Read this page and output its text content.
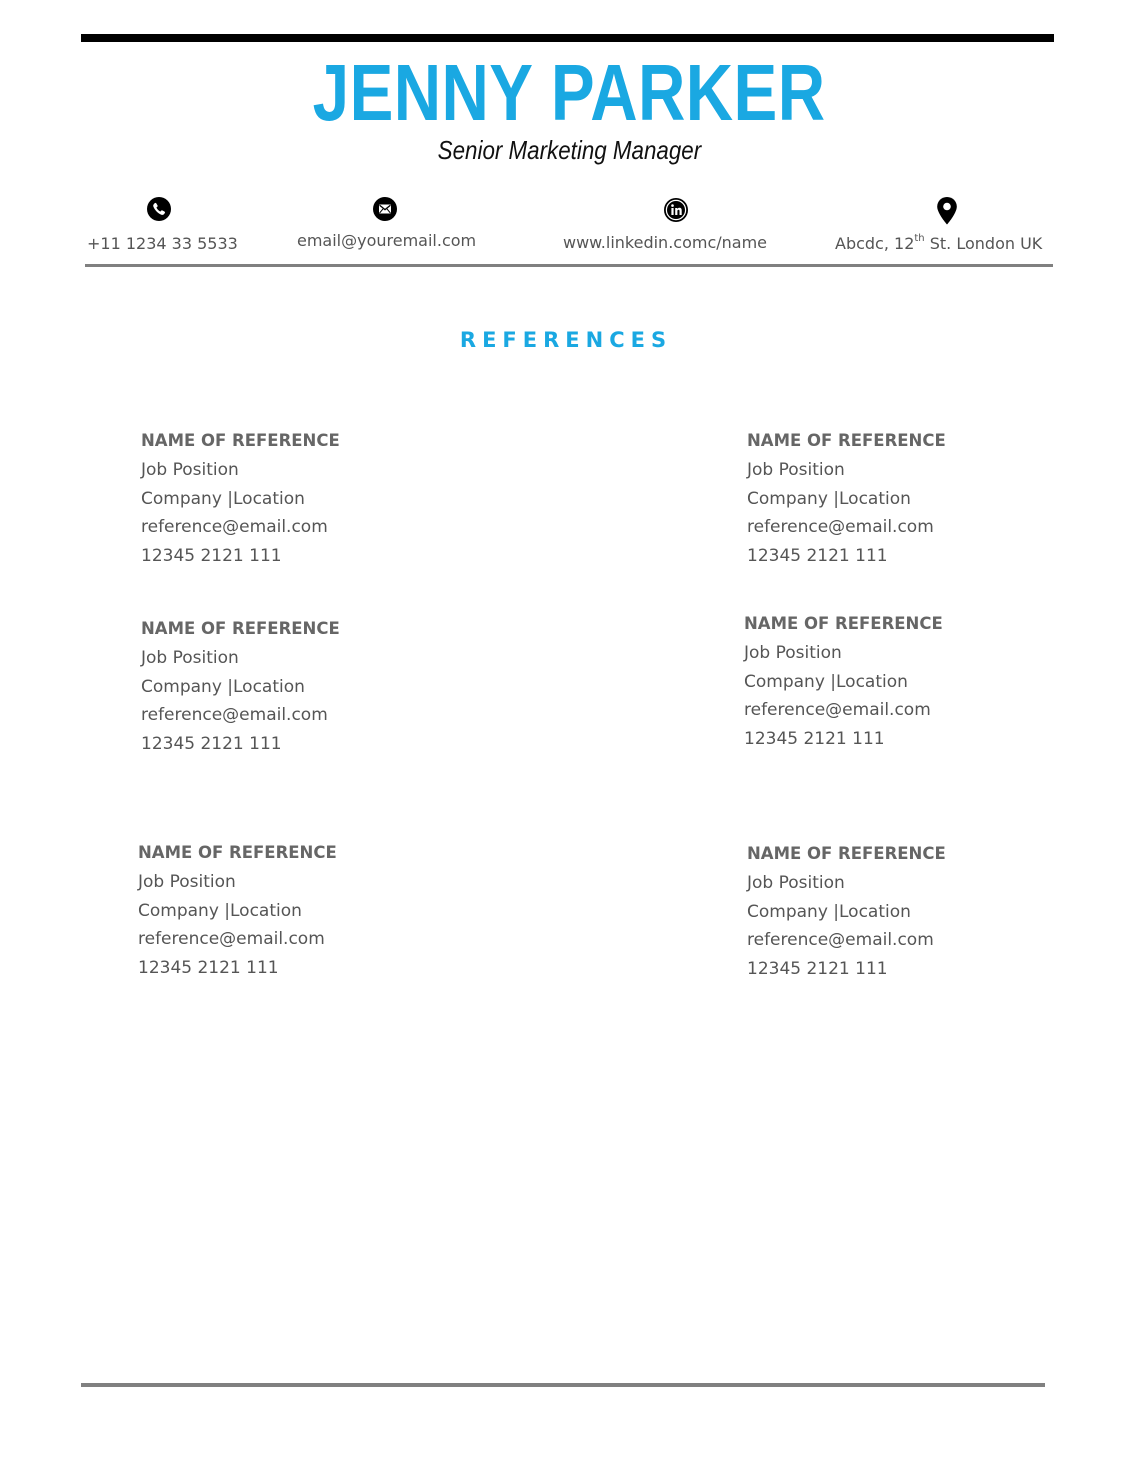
JENNY PARKER
Senior Marketing Manager
+11 1234 33 5533	email@youremail.com	www.linkedin.comc/name	Abcdc, 12th St. London UK
REFERENCES
NAME OF REFERENCE
Job Position
Company |Location
reference@email.com
12345 2121 111
NAME OF REFERENCE
Job Position
Company |Location
reference@email.com
12345 2121 111
NAME OF REFERENCE
Job Position
Company |Location
reference@email.com
12345 2121 111
NAME OF REFERENCE
Job Position
Company |Location
reference@email.com
12345 2121 111
NAME OF REFERENCE
Job Position
Company |Location
reference@email.com
12345 2121 111
NAME OF REFERENCE
Job Position
Company |Location
reference@email.com
12345 2121 111
